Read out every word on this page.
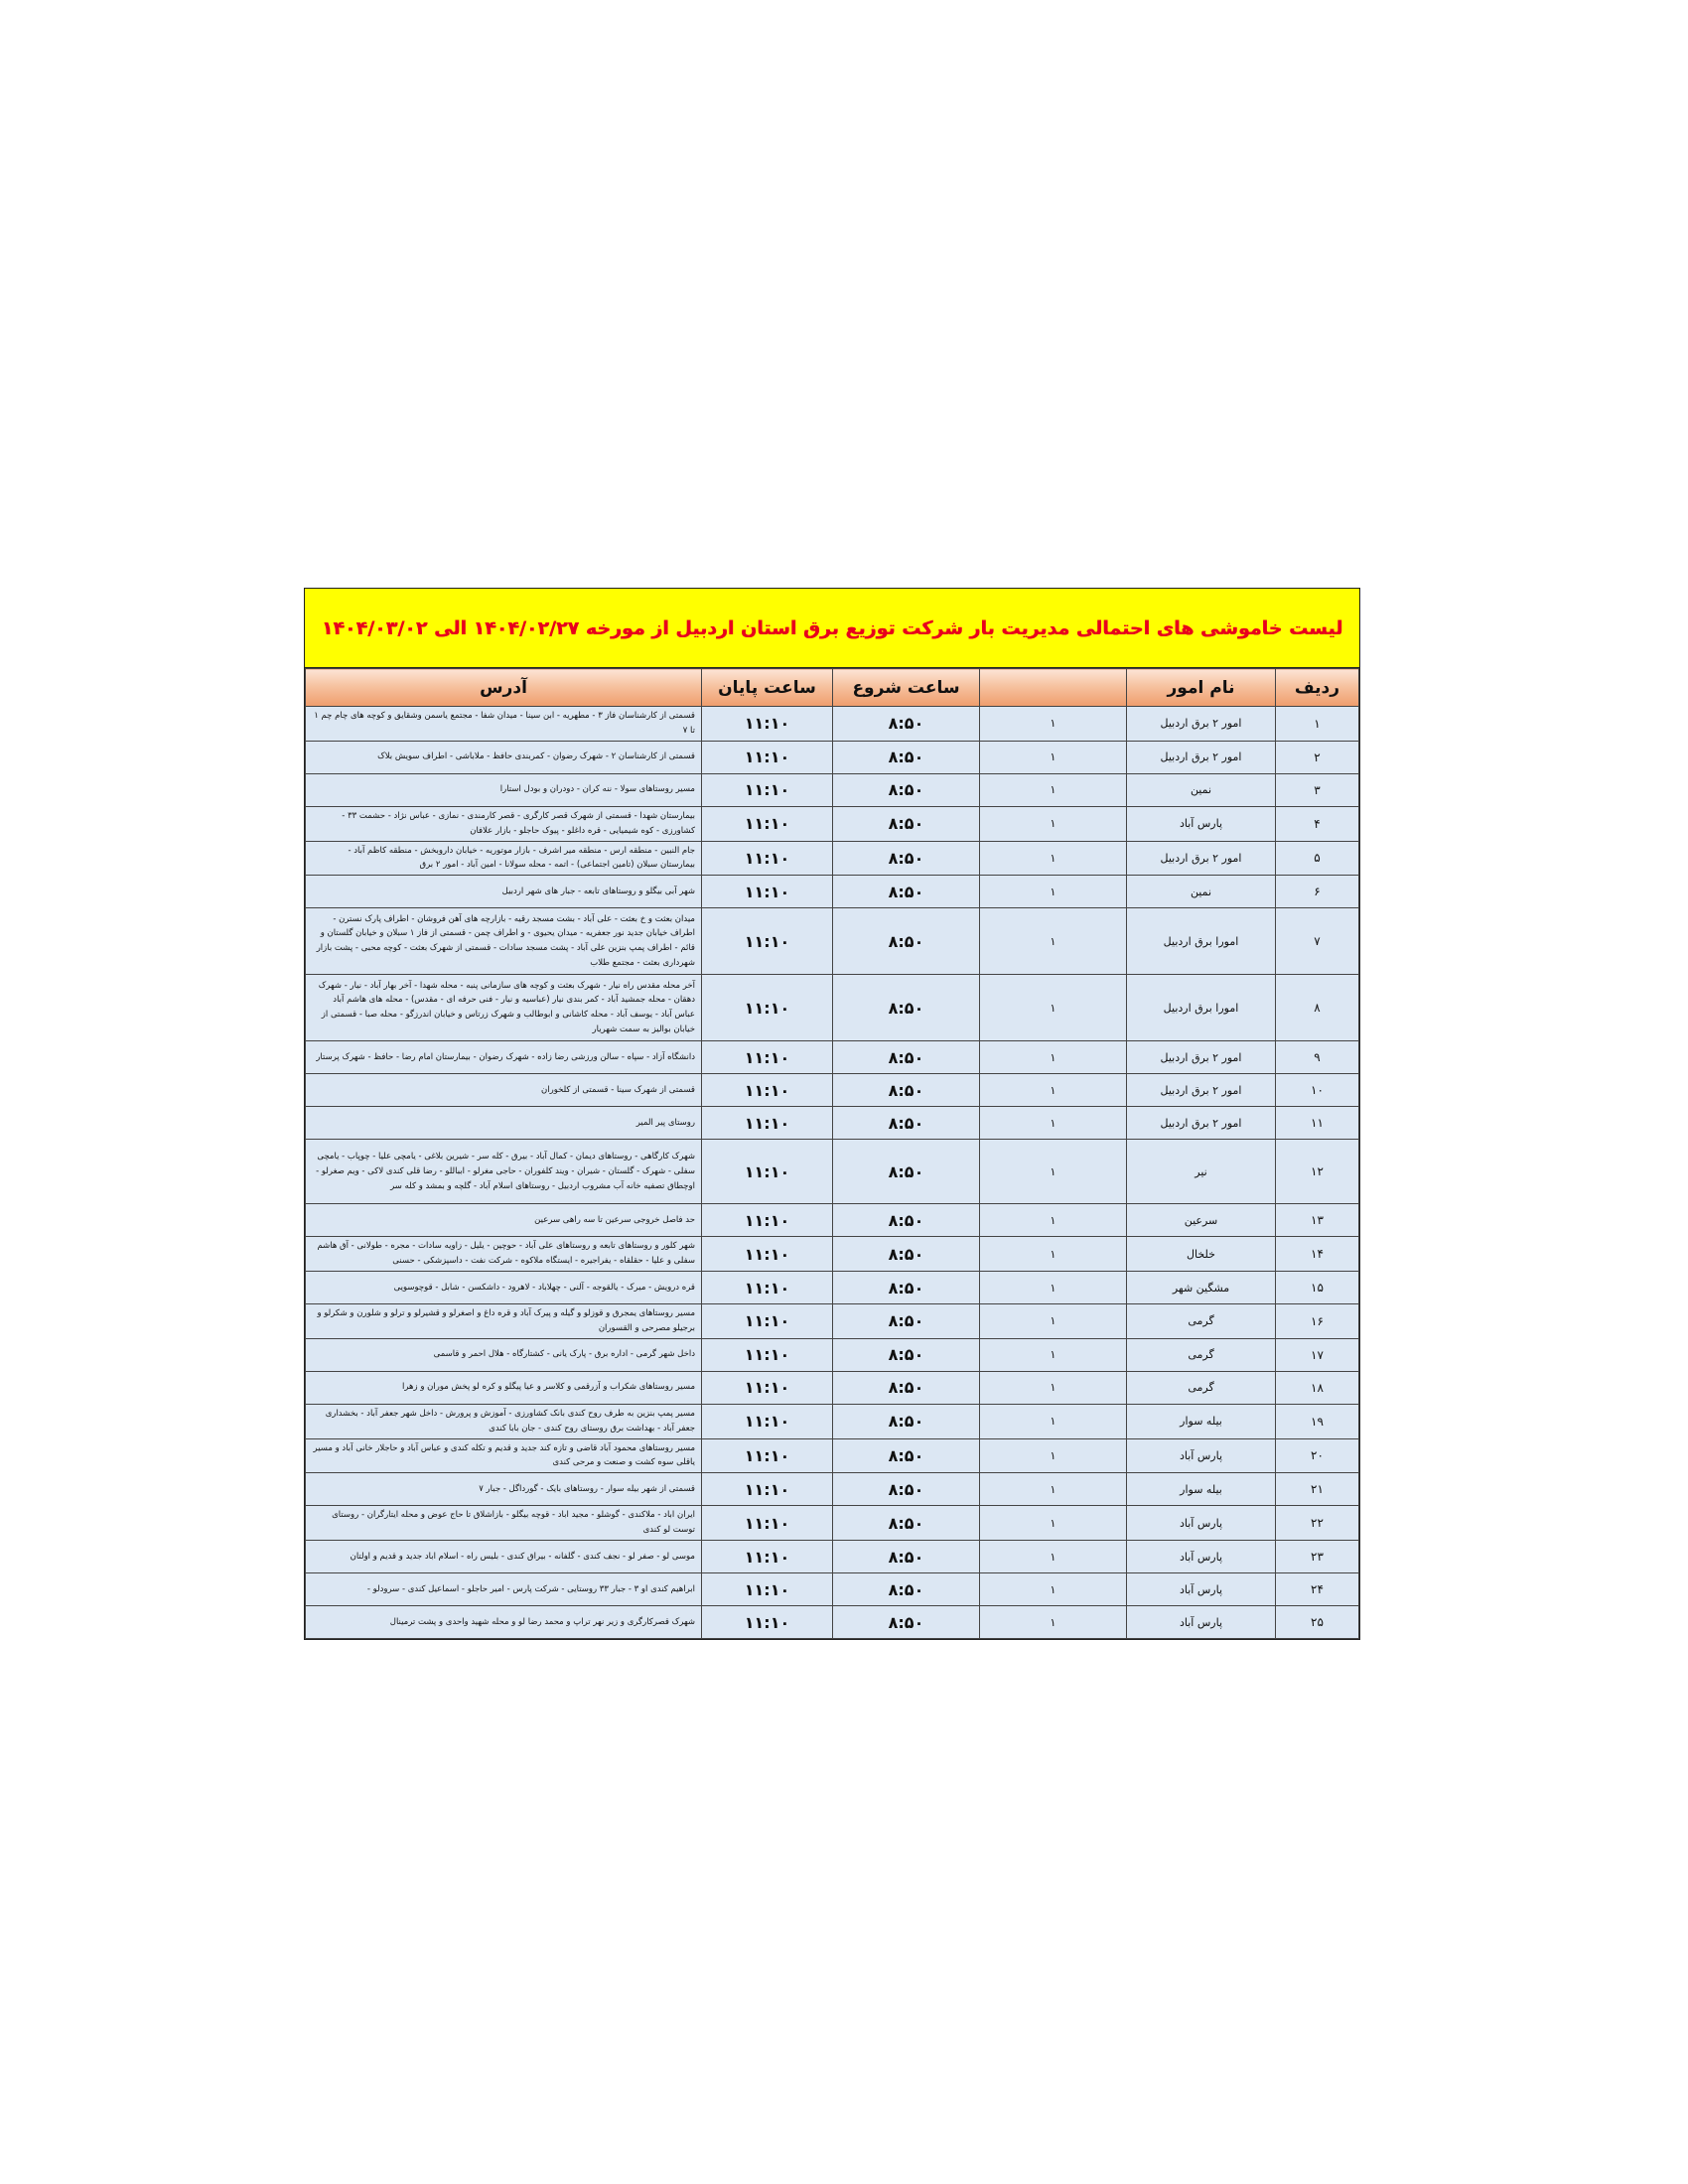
لیست خاموشی های احتمالی مدیریت بار شرکت توزیع برق استان اردبیل از مورخه ۱۴۰۴/۰۲/۲۷ الی ۱۴۰۴/۰۳/۰۲
ردیف	نام امور		ساعت شروع	ساعت پایان	آدرس
۱	امور ۲ برق اردبیل	۱	۸:۵۰	۱۱:۱۰	قسمتی از کارشناسان فاز ۳ - مطهریه - ابن سینا - میدان شفا - مجتمع یاسمن وشقایق و کوچه های چام چم ۱ تا ۷
۲	امور ۲ برق اردبیل	۱	۸:۵۰	۱۱:۱۰	قسمتی از کارشناسان ۲ - شهرک رضوان - کمربندی حافظ - ملاباشی - اطراف سویش بلاک
۳	نمین	۱	۸:۵۰	۱۱:۱۰	مسیر روستاهای سولا - ننه کران - دودران و بودل استارا
۴	پارس آباد	۱	۸:۵۰	۱۱:۱۰	بیمارستان شهدا - قسمتی از شهرک قصر کارگری - قصر کارمندی - نمازی - عباس نژاد - حشمت ۳۳ - کشاورزی - کوه شیمیایی - قره داغلو - پیوک حاجلو - بازار علافان
۵	امور ۲ برق اردبیل	۱	۸:۵۰	۱۱:۱۰	جام النبین - منطقه ارس - منطقه میر اشرف - بازار موتوریه - خیابان داروبخش - منطقه کاظم آباد - بیمارستان سبلان (تامین اجتماعی) - اتمه - محله سولانا - امین آباد - امور ۲ برق
۶	نمین	۱	۸:۵۰	۱۱:۱۰	شهر آبی بیگلو و روستاهای تابعه - جبار های شهر اردبیل
۷	امورا برق اردبیل	۱	۸:۵۰	۱۱:۱۰	میدان بعثت و خ بعثت - علی آباد - بشت مسجد رقیه - بازارچه های آهن فروشان - اطراف پارک نسترن - اطراف خیابان جدید نور جعفریه - میدان یحیوی - و اطراف چمن - قسمتی از فاز ۱ سبلان و خیابان گلستان و قائم - اطراف پمپ بنزین علی آباد - پشت مسجد سادات - قسمتی از شهرک بعثت - کوچه محبی - پشت بازار شهرداری بعثت - مجتمع طلاب
۸	امورا برق اردبیل	۱	۸:۵۰	۱۱:۱۰	آخر محله مقدس راه نیار - شهرک بعثت و کوچه های سازمانی پنبه - محله شهدا - آخر بهار آباد - نیار - شهرک دهقان - محله جمشید آباد - کمر بندی نیار (عباسیه و نیار - فنی حرفه ای - مقدس) - محله های هاشم آباد عباس آباد - یوسف آباد - محله کاشانی و ابوطالب و شهرک زرتاس و خیابان اندرزگو - محله صبا - قسمتی از خیابان بوالیز به سمت شهریار
۹	امور ۲ برق اردبیل	۱	۸:۵۰	۱۱:۱۰	دانشگاه آزاد - سپاه - سالن ورزشی رضا زاده - شهرک رضوان - بیمارستان امام رضا - حافظ - شهرک پرستار
۱۰	امور ۲ برق اردبیل	۱	۸:۵۰	۱۱:۱۰	قسمتی از شهرک سینا - قسمتی از کلخوران
۱۱	امور ۲ برق اردبیل	۱	۸:۵۰	۱۱:۱۰	روستای پیر المیر
۱۲	نیر	۱	۸:۵۰	۱۱:۱۰	شهرک کارگاهی - روستاهای دیمان - کمال آباد - بیرق - کله سر - شیرین بلاغی - یامچی علیا - چوپاب - یامچی سفلی - شهرک - گلستان - شیران - ویند کلفوران - حاجی مغرلو - ابباللو - رضا قلی کندی لاکی - ویم صغرلو - اوچطاق تصفیه خانه آب مشروب اردبیل - روستاهای اسلام آباد - گلچه و بمشد و کله سر
۱۳	سرعین	۱	۸:۵۰	۱۱:۱۰	حد فاصل خروجی سرعین تا سه راهی سرعین
۱۴	خلخال	۱	۸:۵۰	۱۱:۱۰	شهر کلور و روستاهای تابعه و روستاهای علی آباد - حوچین - یلیل - زاویه سادات - مجره - طولانی - آق هاشم سفلی و علیا - حقلقاه - یفراجیره - ایستگاه ملاکوه - شرکت نفت - داسپزشکی - حسنی
۱۵	مشگین شهر	۱	۸:۵۰	۱۱:۱۰	قره درویش - میرک - یالقوجه - آلنی - چهلاباد - لاهرود - داشکسن - شابل - قوچوسویی
۱۶	گرمی	۱	۸:۵۰	۱۱:۱۰	مسیر روستاهای یمجرق و قوزلو و گیله و پیرک آباد و قره داغ و اصغرلو و قشیرلو و ترلو و شلورن و شکرلو و برجیلو مصرحی و القسوران
۱۷	گرمی	۱	۸:۵۰	۱۱:۱۰	داخل شهر گرمی - اداره برق - پارک یانی - کشتارگاه - هلال احمر و قاسمی
۱۸	گرمی	۱	۸:۵۰	۱۱:۱۰	مسیر روستاهای شکراب و آزرقمی و کلاسر و عیا پیگلو و کره لو پخش موران و زهرا
۱۹	بیله سوار	۱	۸:۵۰	۱۱:۱۰	مسیر پمپ بنزین به طرف روح کندی بانک کشاورزی - آموزش و پرورش - داخل شهر جعفر آباد - بخشداری جعفر آباد - بهداشت برق روستای روح کندی - جان بابا کندی
۲۰	پارس آباد	۱	۸:۵۰	۱۱:۱۰	مسیر روستاهای محمود آباد قاضی و تازه کند جدید و قدیم و تکله کندی و عباس آباد و حاجلار خانی آباد و مسیر یاقلی سوه کشت و صنعت و مرحی کندی
۲۱	بیله سوار	۱	۸:۵۰	۱۱:۱۰	قسمتی از شهر بیله سوار - روستاهای بایک - گورداگل - جبار ۷
۲۲	پارس آباد	۱	۸:۵۰	۱۱:۱۰	ایران اباد - ملاکندی - گوشلو - مجید اباد - قوچه بیگلو - بازاشلاق تا حاج عوض و محله ایتارگران - روستای توست لو کندی
۲۳	پارس آباد	۱	۸:۵۰	۱۱:۱۰	موسی لو - صفر لو - نجف کندی - گلفانه - بیراق کندی - بلیس راه - اسلام اباد جدید و قدیم و اولتان
۲۴	پارس آباد	۱	۸:۵۰	۱۱:۱۰	ابراهیم کندی او ۳ - جبار ۳۳ روستایی - شرکت پارس - امیر حاجلو - اسماعیل کندی - سرودلو -
۲۵	پارس آباد	۱	۸:۵۰	۱۱:۱۰	شهرک قصرکارگری و زیر نهر تراپ و محمد رضا لو و محله شهید واحدی و پشت ترمینال
